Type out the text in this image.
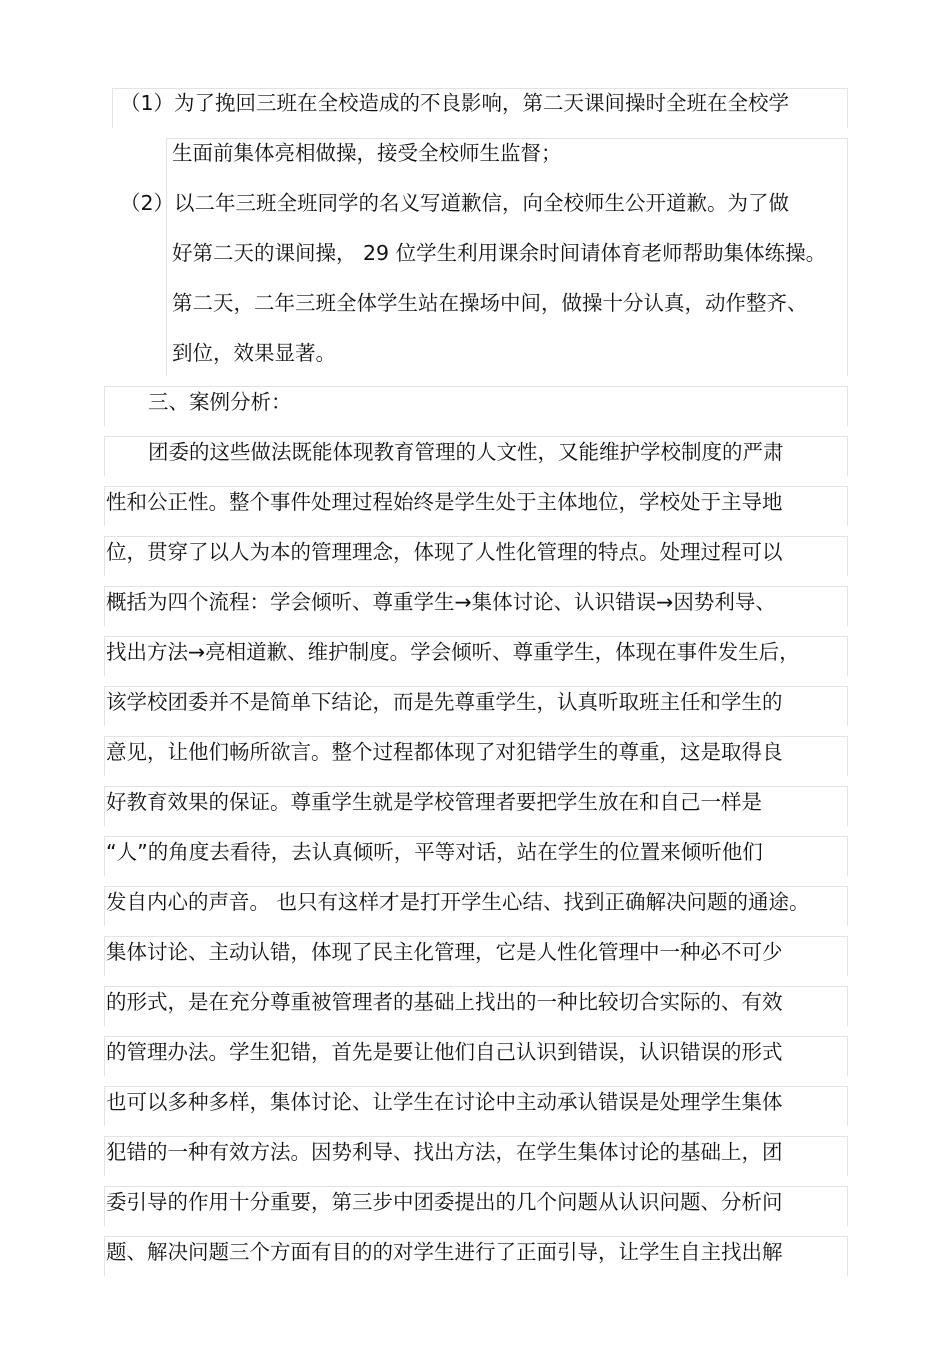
（1）为了挽回三班在全校造成的不良影响，第二天课间操时全班在全校学
生面前集体亮相做操，接受全校师生监督；
（2）以二年三班全班同学的名义写道歉信，向全校师生公开道歉。为了做
好第二天的课间操， 29 位学生利用课余时间请体育老师帮助集体练操。
第二天，二年三班全体学生站在操场中间，做操十分认真，动作整齐、
到位，效果显著。
三、案例分析：
团委的这些做法既能体现教育管理的人文性，又能维护学校制度的严肃
性和公正性。整个事件处理过程始终是学生处于主体地位，学校处于主导地
位，贯穿了以人为本的管理理念，体现了人性化管理的特点。处理过程可以
概括为四个流程：学会倾听、尊重学生→集体讨论、认识错误→因势利导、
找出方法→亮相道歉、维护制度。学会倾听、尊重学生，体现在事件发生后，
该学校团委并不是简单下结论，而是先尊重学生，认真听取班主任和学生的
意见，让他们畅所欲言。整个过程都体现了对犯错学生的尊重，这是取得良
好教育效果的保证。尊重学生就是学校管理者要把学生放在和自己一样是
“人”的角度去看待，去认真倾听，平等对话，站在学生的位置来倾听他们
发自内心的声音。 也只有这样才是打开学生心结、找到正确解决问题的通途。
集体讨论、主动认错，体现了民主化管理，它是人性化管理中一种必不可少
的形式，是在充分尊重被管理者的基础上找出的一种比较切合实际的、有效
的管理办法。学生犯错，首先是要让他们自己认识到错误，认识错误的形式
也可以多种多样，集体讨论、让学生在讨论中主动承认错误是处理学生集体
犯错的一种有效方法。因势利导、找出方法，在学生集体讨论的基础上，团
委引导的作用十分重要，第三步中团委提出的几个问题从认识问题、分析问
题、解决问题三个方面有目的的对学生进行了正面引导，让学生自主找出解
